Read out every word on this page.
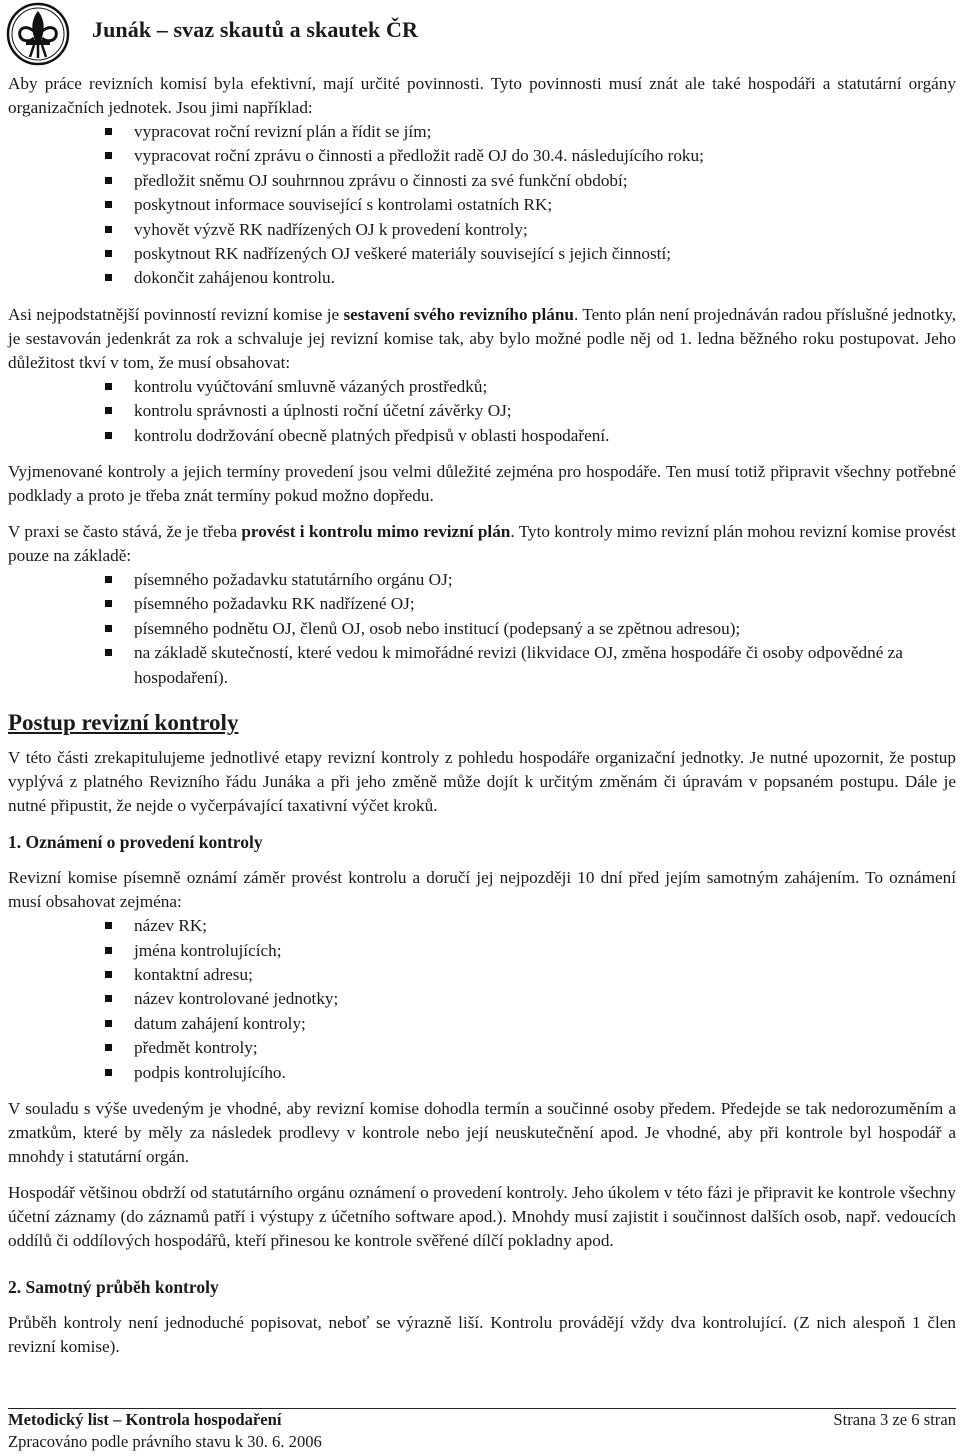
Junák – svaz skautů a skautek ČR

Aby práce revizních komisí byla efektivní, mají určité povinnosti. Tyto povinnosti musí znát ale také hospodáři a statutární orgány organizačních jednotek. Jsou jimi například:

vypracovat roční revizní plán a řídit se jím;
vypracovat roční zprávu o činnosti a předložit radě OJ do 30.4. následujícího roku;
předložit sněmu OJ souhrnnou zprávu o činnosti za své funkční období;
poskytnout informace související s kontrolami ostatních RK;
vyhovět výzvě RK nadřízených OJ k provedení kontroly;
poskytnout RK nadřízených OJ veškeré materiály související s jejich činností;
dokončit zahájenou kontrolu.

Asi nejpodstatnější povinností revizní komise je sestavení svého revizního plánu. Tento plán není projednáván radou příslušné jednotky, je sestavován jedenkrát za rok a schvaluje jej revizní komise tak, aby bylo možné podle něj od 1. ledna běžného roku postupovat. Jeho důležitost tkví v tom, že musí obsahovat:

kontrolu vyúčtování smluvně vázaných prostředků;
kontrolu správnosti a úplnosti roční účetní závěrky OJ;
kontrolu dodržování obecně platných předpisů v oblasti hospodaření.

Vyjmenované kontroly a jejich termíny provedení jsou velmi důležité zejména pro hospodáře. Ten musí totiž připravit všechny potřebné podklady a proto je třeba znát termíny pokud možno dopředu.

V praxi se často stává, že je třeba provést i kontrolu mimo revizní plán. Tyto kontroly mimo revizní plán mohou revizní komise provést pouze na základě:

písemného požadavku statutárního orgánu OJ;
písemného požadavku RK nadřízené OJ;
písemného podnětu OJ, členů OJ, osob nebo institucí (podepsaný a se zpětnou adresou);
na základě skutečností, které vedou k mimořádné revizi (likvidace OJ, změna hospodáře či osoby odpovědné za hospodaření).
Postup revizní kontroly

V této části zrekapitulujeme jednotlivé etapy revizní kontroly z pohledu hospodáře organizační jednotky. Je nutné upozornit, že postup vyplývá z platného Revizního řádu Junáka a při jeho změně může dojít k určitým změnám či úpravám v popsaném postupu. Dále je nutné připustit, že nejde o vyčerpávající taxativní výčet kroků.

1. Oznámení o provedení kontroly

Revizní komise písemně oznámí záměr provést kontrolu a doručí jej nejpozději 10 dní před jejím samotným zahájením. To oznámení musí obsahovat zejména:

název RK;
jména kontrolujících;
kontaktní adresu;
název kontrolované jednotky;
datum zahájení kontroly;
předmět kontroly;
podpis kontrolujícího.

V souladu s výše uvedeným je vhodné, aby revizní komise dohodla termín a součinné osoby předem. Předejde se tak nedorozuměním a zmatkům, které by měly za následek prodlevy v kontrole nebo její neuskutečnění apod. Je vhodné, aby při kontrole byl hospodář a mnohdy i statutární orgán.

Hospodář většinou obdrží od statutárního orgánu oznámení o provedení kontroly. Jeho úkolem v této fázi je připravit ke kontrole všechny účetní záznamy (do záznamů patří i výstupy z účetního software apod.). Mnohdy musí zajistit i součinnost dalších osob, např. vedoucích oddílů či oddílových hospodářů, kteří přinesou ke kontrole svěřené dílčí pokladny apod.

2. Samotný průběh kontroly

Průběh kontroly není jednoduché popisovat, neboť se výrazně liší. Kontrolu provádějí vždy dva kontrolující. (Z nich alespoň 1 člen revizní komise).

Metodický list – Kontrola hospodaření	Strana 3 ze 6 stran
Zpracováno podle právního stavu k 30. 6. 2006
